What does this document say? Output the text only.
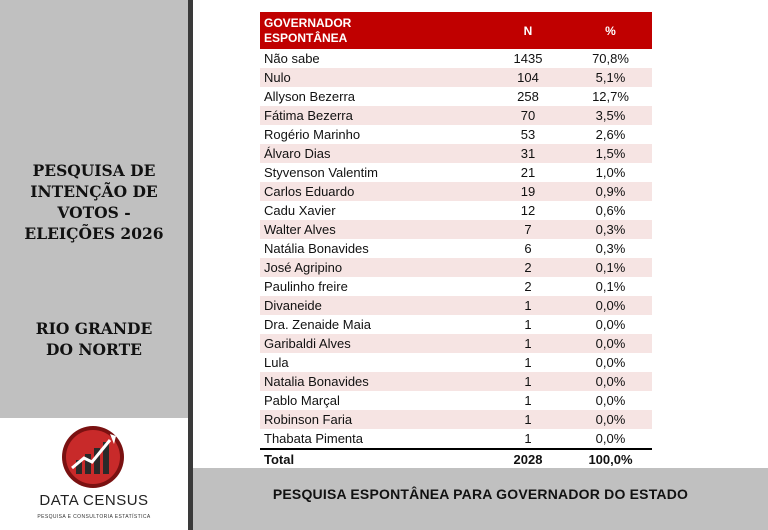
PESQUISA DE
INTENÇÃO DE
VOTOS -
ELEIÇÕES 2026
RIO GRANDE
DO NORTE
DATA CENSUS
PESQUISA E CONSULTORIA ESTATÍSTICA
GOVERNADOR
ESPONTÂNEA	N	%
Não sabe	1435	70,8%
Nulo	104	5,1%
Allyson Bezerra	258	12,7%
Fátima Bezerra	70	3,5%
Rogério Marinho	53	2,6%
Álvaro Dias	31	1,5%
Styvenson Valentim	21	1,0%
Carlos Eduardo	19	0,9%
Cadu Xavier	12	0,6%
Walter Alves	7	0,3%
Natália Bonavides	6	0,3%
José Agripino	2	0,1%
Paulinho freire	2	0,1%
Divaneide	1	0,0%
Dra. Zenaide Maia	1	0,0%
Garibaldi Alves	1	0,0%
Lula	1	0,0%
Natalia Bonavides	1	0,0%
Pablo Marçal	1	0,0%
Robinson Faria	1	0,0%
Thabata Pimenta	1	0,0%
Total	2028	100,0%
PESQUISA ESPONTÂNEA PARA GOVERNADOR DO ESTADO
